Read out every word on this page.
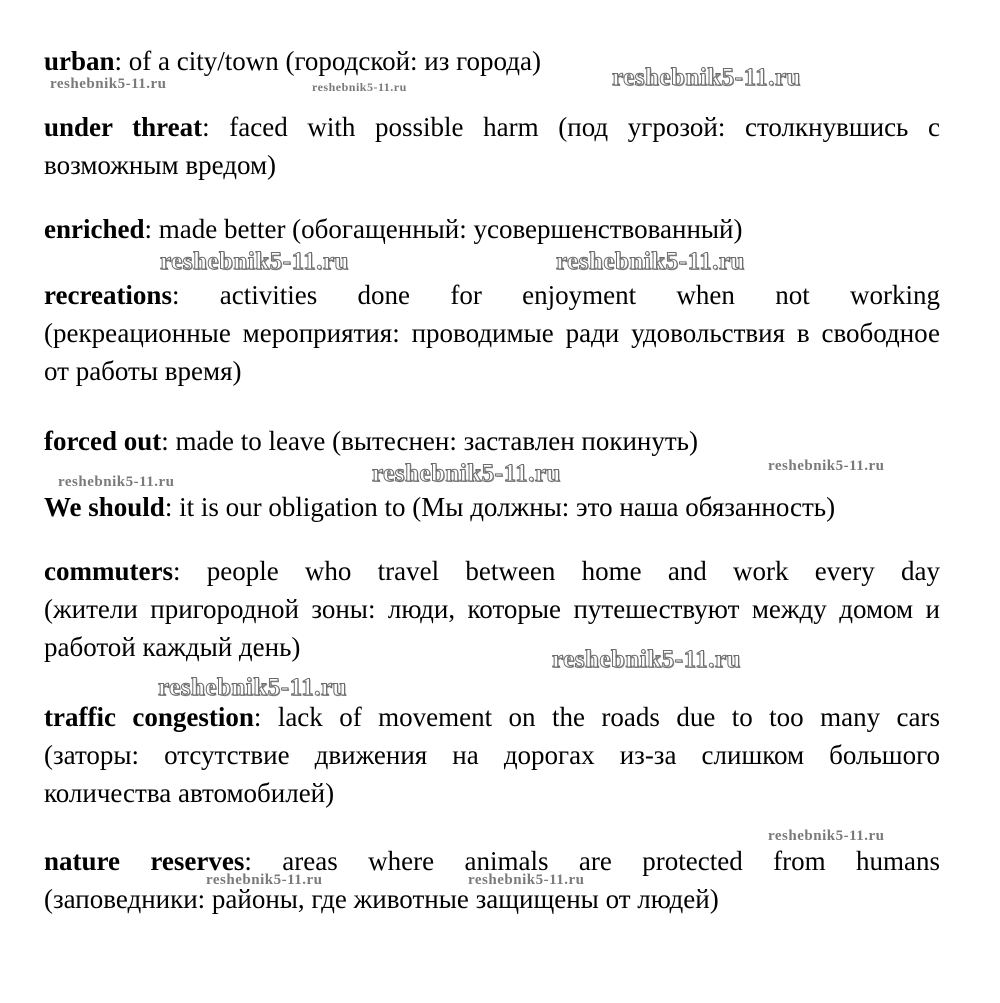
urban: of a city/town (городской: из города)

under threat: faced with possible harm (под угрозой: столкнувшись с
возможным вредом)

enriched: made better (обогащенный: усовершенствованный)

recreations: activities done for enjoyment when not working
(рекреационные мероприятия: проводимые ради удовольствия в свободное от работы время)

forced out: made to leave (вытеснен: заставлен покинуть)

We should: it is our obligation to (Мы должны: это наша обязанность)

commuters: people who travel between home and work every day
(жители пригородной зоны: люди, которые путешествуют между домом и работой каждый день)

traffic congestion: lack of movement on the roads due to too many cars
(заторы: отсутствие движения на дорогах из-за слишком большого количества автомобилей)

nature reserves: areas where animals are protected from humans
(заповедники: районы, где животные защищены от людей)

reshebnik5-11.ru	reshebnik5-11.ru	reshebnik5-11.ru
reshebnik5-11.ru	reshebnik5-11.ru
reshebnik5-11.ru	reshebnik5-11.ru	reshebnik5-11.ru
reshebnik5-11.ru
reshebnik5-11.ru
reshebnik5-11.ru
reshebnik5-11.ru	reshebnik5-11.ru
